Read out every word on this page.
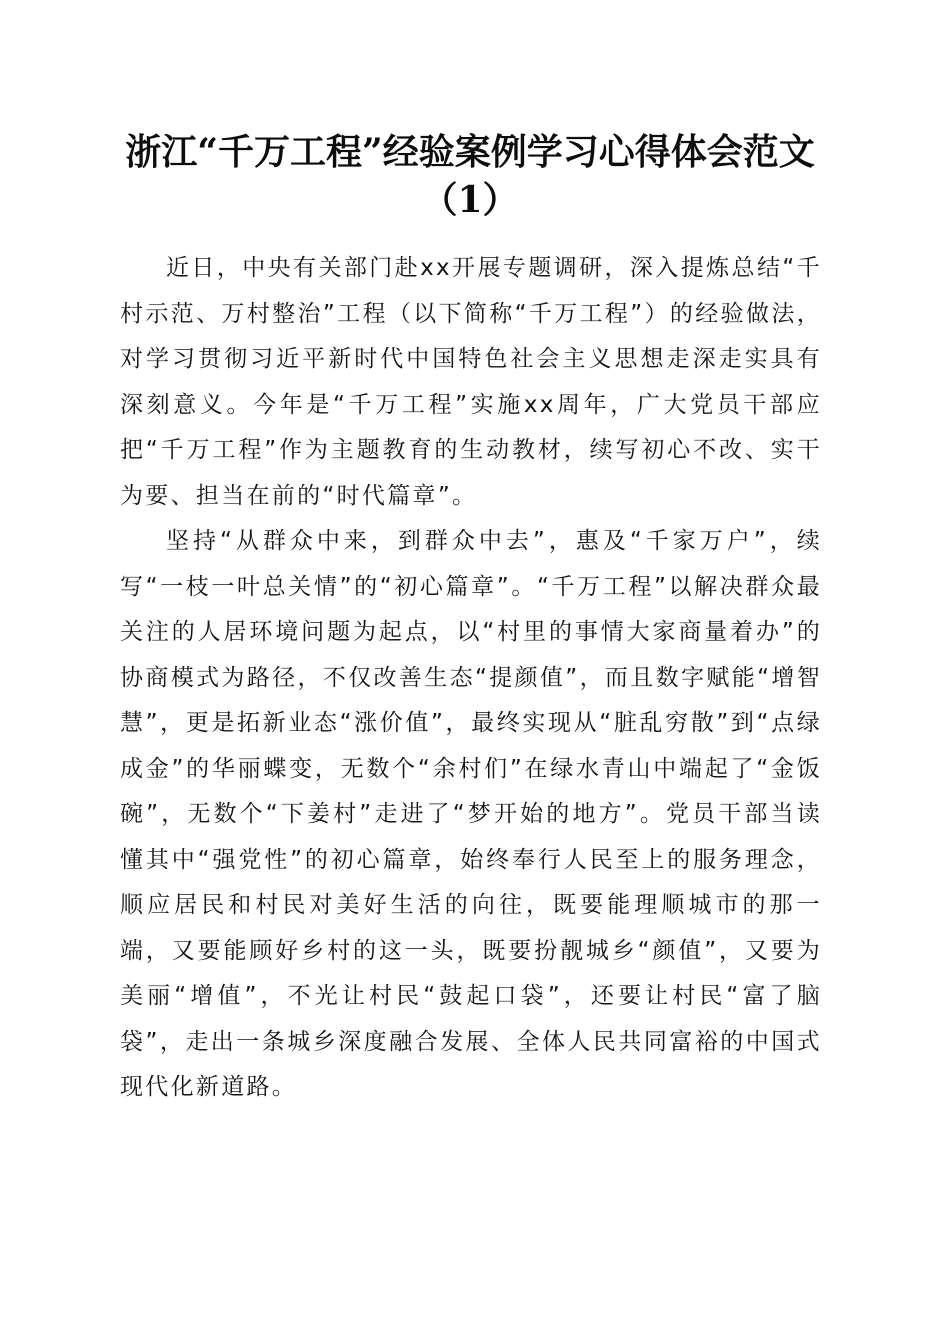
浙江“千万工程”经验案例学习心得体会范文
（1）

近日，中央有关部门赴xx开展专题调研，深入提炼总结“千村示范、万村整治”工程（以下简称“千万工程”）的经验做法，对学习贯彻习近平新时代中国特色社会主义思想走深走实具有深刻意义。今年是“千万工程”实施xx周年，广大党员干部应把“千万工程”作为主题教育的生动教材，续写初心不改、实干为要、担当在前的“时代篇章”。

坚持“从群众中来，到群众中去”，惠及“千家万户”，续写“一枝一叶总关情”的“初心篇章”。“千万工程”以解决群众最关注的人居环境问题为起点，以“村里的事情大家商量着办”的协商模式为路径，不仅改善生态“提颜值”，而且数字赋能“增智慧”，更是拓新业态“涨价值”，最终实现从“脏乱穷散”到“点绿成金”的华丽蝶变，无数个“余村们”在绿水青山中端起了“金饭碗”，无数个“下姜村”走进了“梦开始的地方”。党员干部当读懂其中“强党性”的初心篇章，始终奉行人民至上的服务理念，顺应居民和村民对美好生活的向往，既要能理顺城市的那一端，又要能顾好乡村的这一头，既要扮靓城乡“颜值”，又要为美丽“增值”，不光让村民“鼓起口袋”，还要让村民“富了脑袋”，走出一条城乡深度融合发展、全体人民共同富裕的中国式现代化新道路。
